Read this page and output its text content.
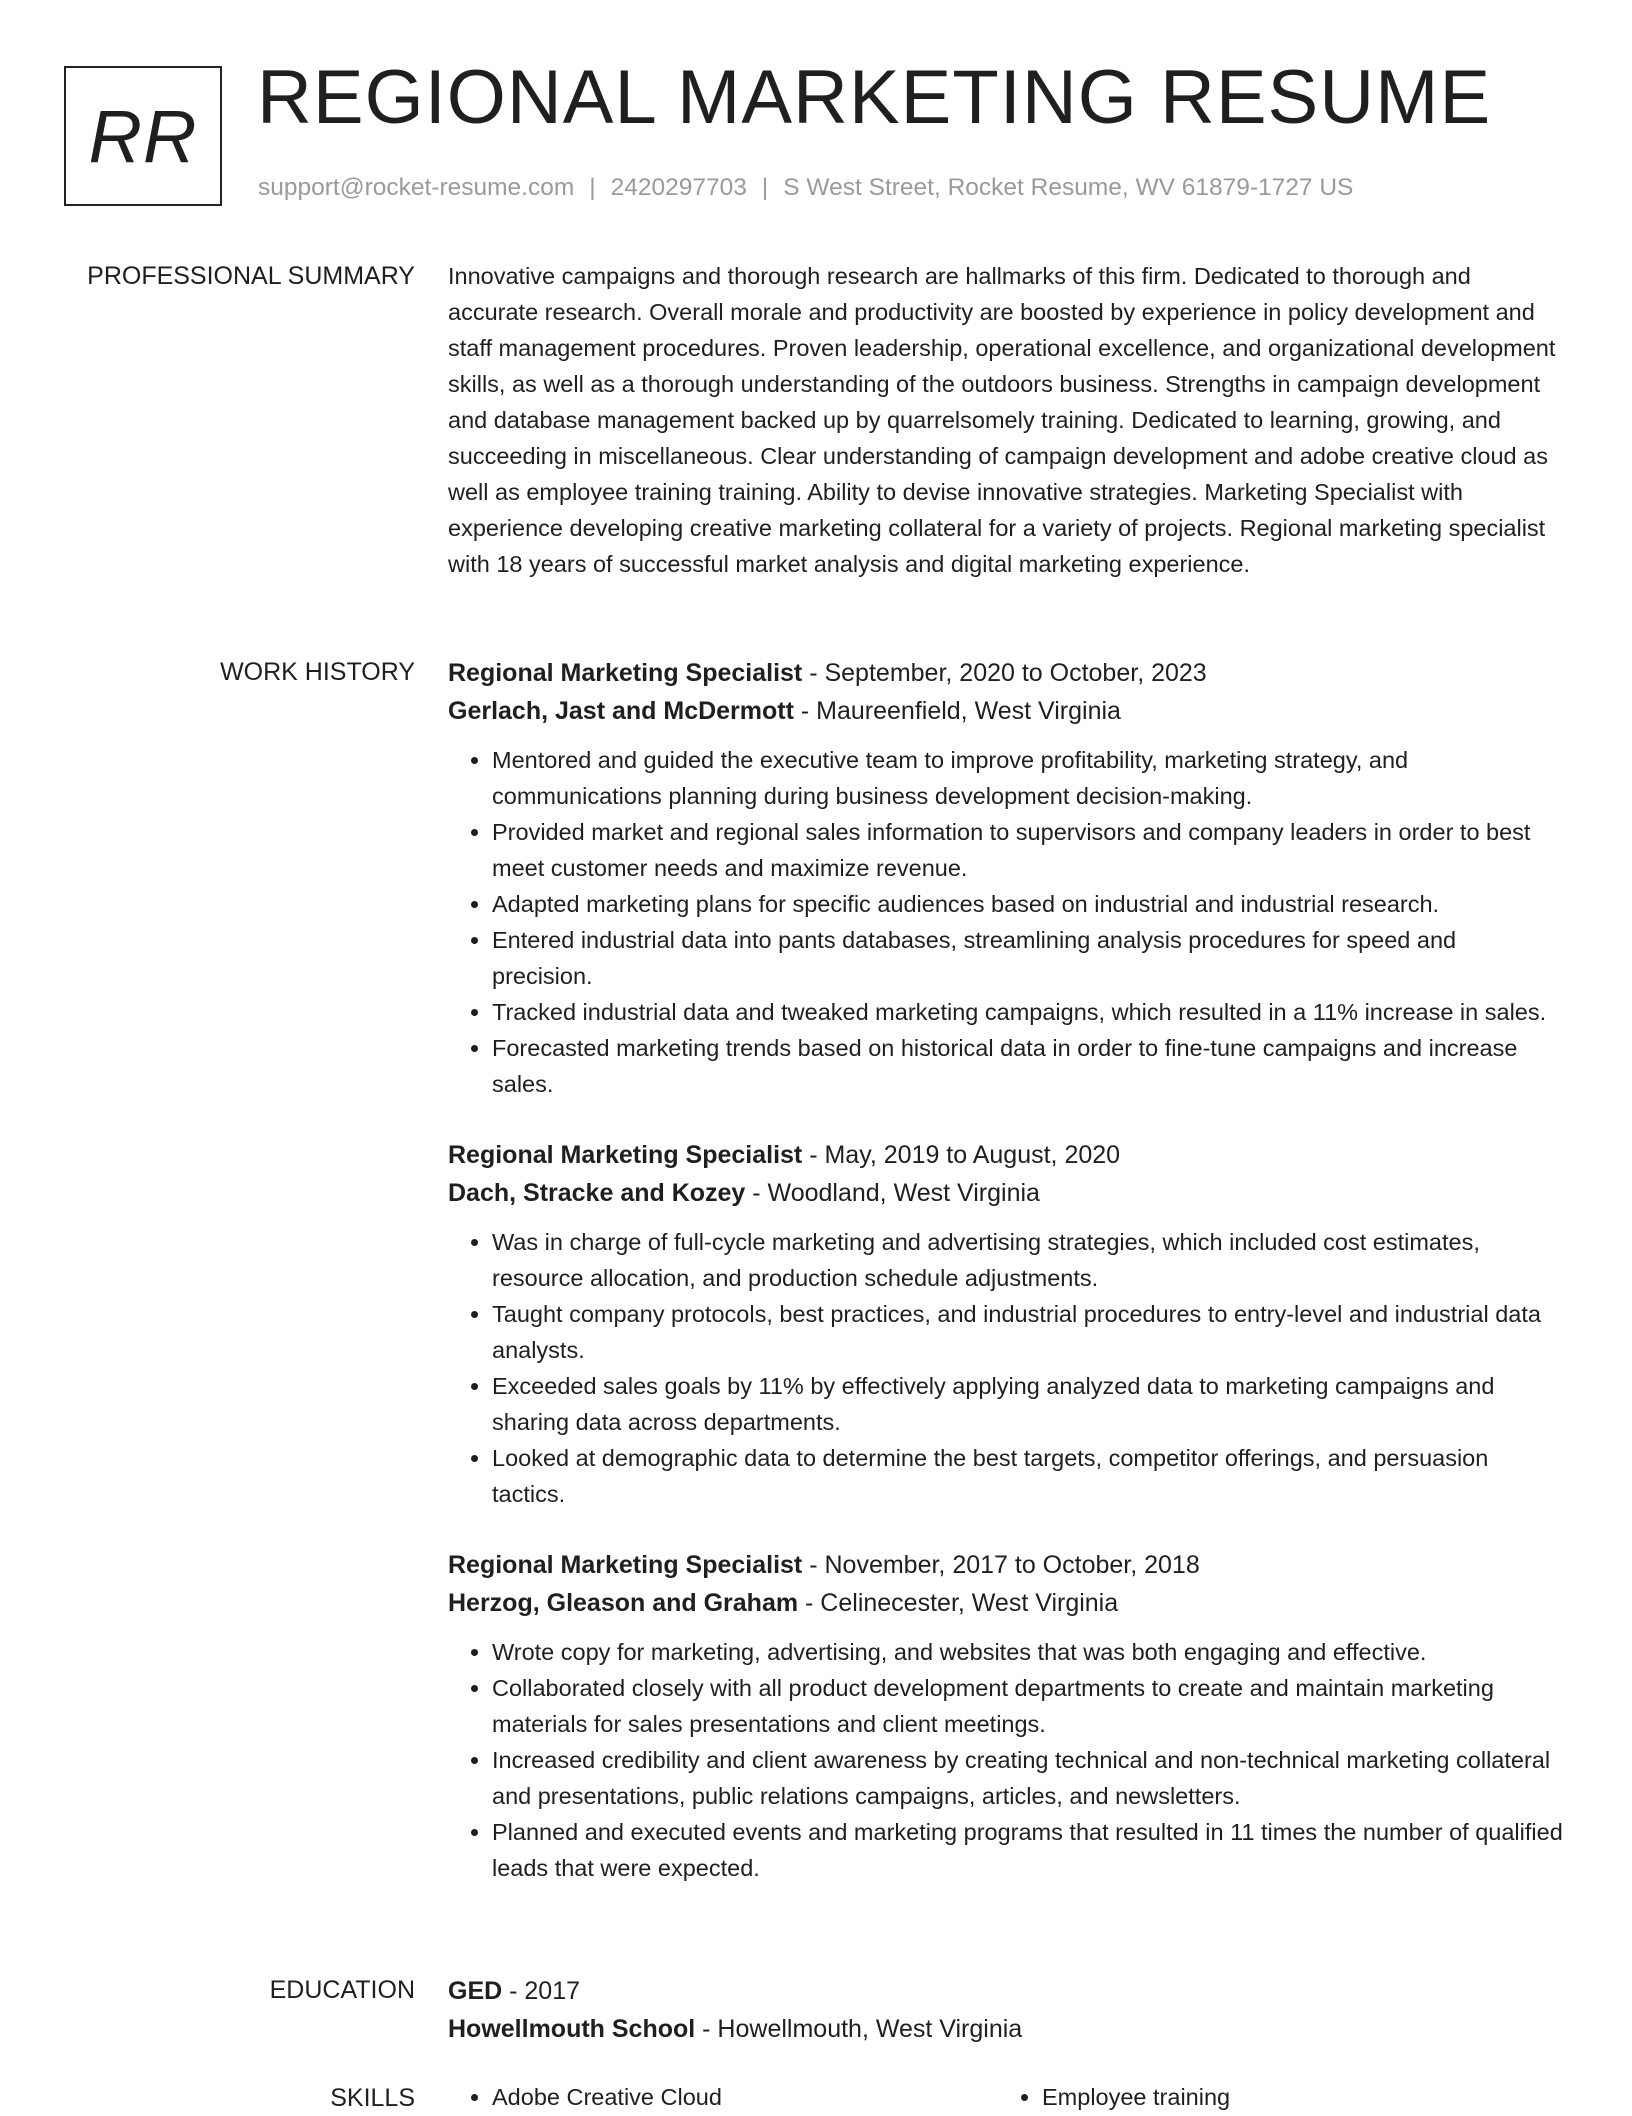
RR REGIONAL MARKETING RESUME
support@rocket-resume.com | 2420297703 | S West Street, Rocket Resume, WV 61879-1727 US
PROFESSIONAL SUMMARY Innovative campaigns and thorough research are hallmarks of this firm. Dedicated to thorough and accurate research. Overall morale and productivity are boosted by experience in policy development and staff management procedures. Proven leadership, operational excellence, and organizational development skills, as well as a thorough understanding of the outdoors business. Strengths in campaign development and database management backed up by quarrelsomely training. Dedicated to learning, growing, and succeeding in miscellaneous. Clear understanding of campaign development and adobe creative cloud as well as employee training training. Ability to devise innovative strategies. Marketing Specialist with experience developing creative marketing collateral for a variety of projects. Regional marketing specialist with 18 years of successful market analysis and digital marketing experience.

WORK HISTORY Regional Marketing Specialist - September, 2020 to October, 2023

Gerlach, Jast and McDermott - Maureenfield, West Virginia

• Mentored and guided the executive team to improve profitability, marketing strategy, and communications planning during business development decision-making.
• Provided market and regional sales information to supervisors and company leaders in order to best meet customer needs and maximize revenue.
• Adapted marketing plans for specific audiences based on industrial and industrial research.
• Entered industrial data into pants databases, streamlining analysis procedures for speed and precision.
• Tracked industrial data and tweaked marketing campaigns, which resulted in a 11% increase in sales.
• Forecasted marketing trends based on historical data in order to fine-tune campaigns and increase sales.

Regional Marketing Specialist - May, 2019 to August, 2020

Dach, Stracke and Kozey - Woodland, West Virginia

• Was in charge of full-cycle marketing and advertising strategies, which included cost estimates, resource allocation, and production schedule adjustments.
• Taught company protocols, best practices, and industrial procedures to entry-level and industrial data analysts.
• Exceeded sales goals by 11% by effectively applying analyzed data to marketing campaigns and sharing data across departments.
• Looked at demographic data to determine the best targets, competitor offerings, and persuasion tactics.

Regional Marketing Specialist - November, 2017 to October, 2018

Herzog, Gleason and Graham - Celinecester, West Virginia

• Wrote copy for marketing, advertising, and websites that was both engaging and effective.
• Collaborated closely with all product development departments to create and maintain marketing materials for sales presentations and client meetings.
• Increased credibility and client awareness by creating technical and non-technical marketing collateral and presentations, public relations campaigns, articles, and newsletters.
• Planned and executed events and marketing programs that resulted in 11 times the number of qualified leads that were expected.
EDUCATION GED - 2017

Howellmouth School - Howellmouth, West Virginia

SKILLS	• Adobe Creative Cloud	• Employee training
